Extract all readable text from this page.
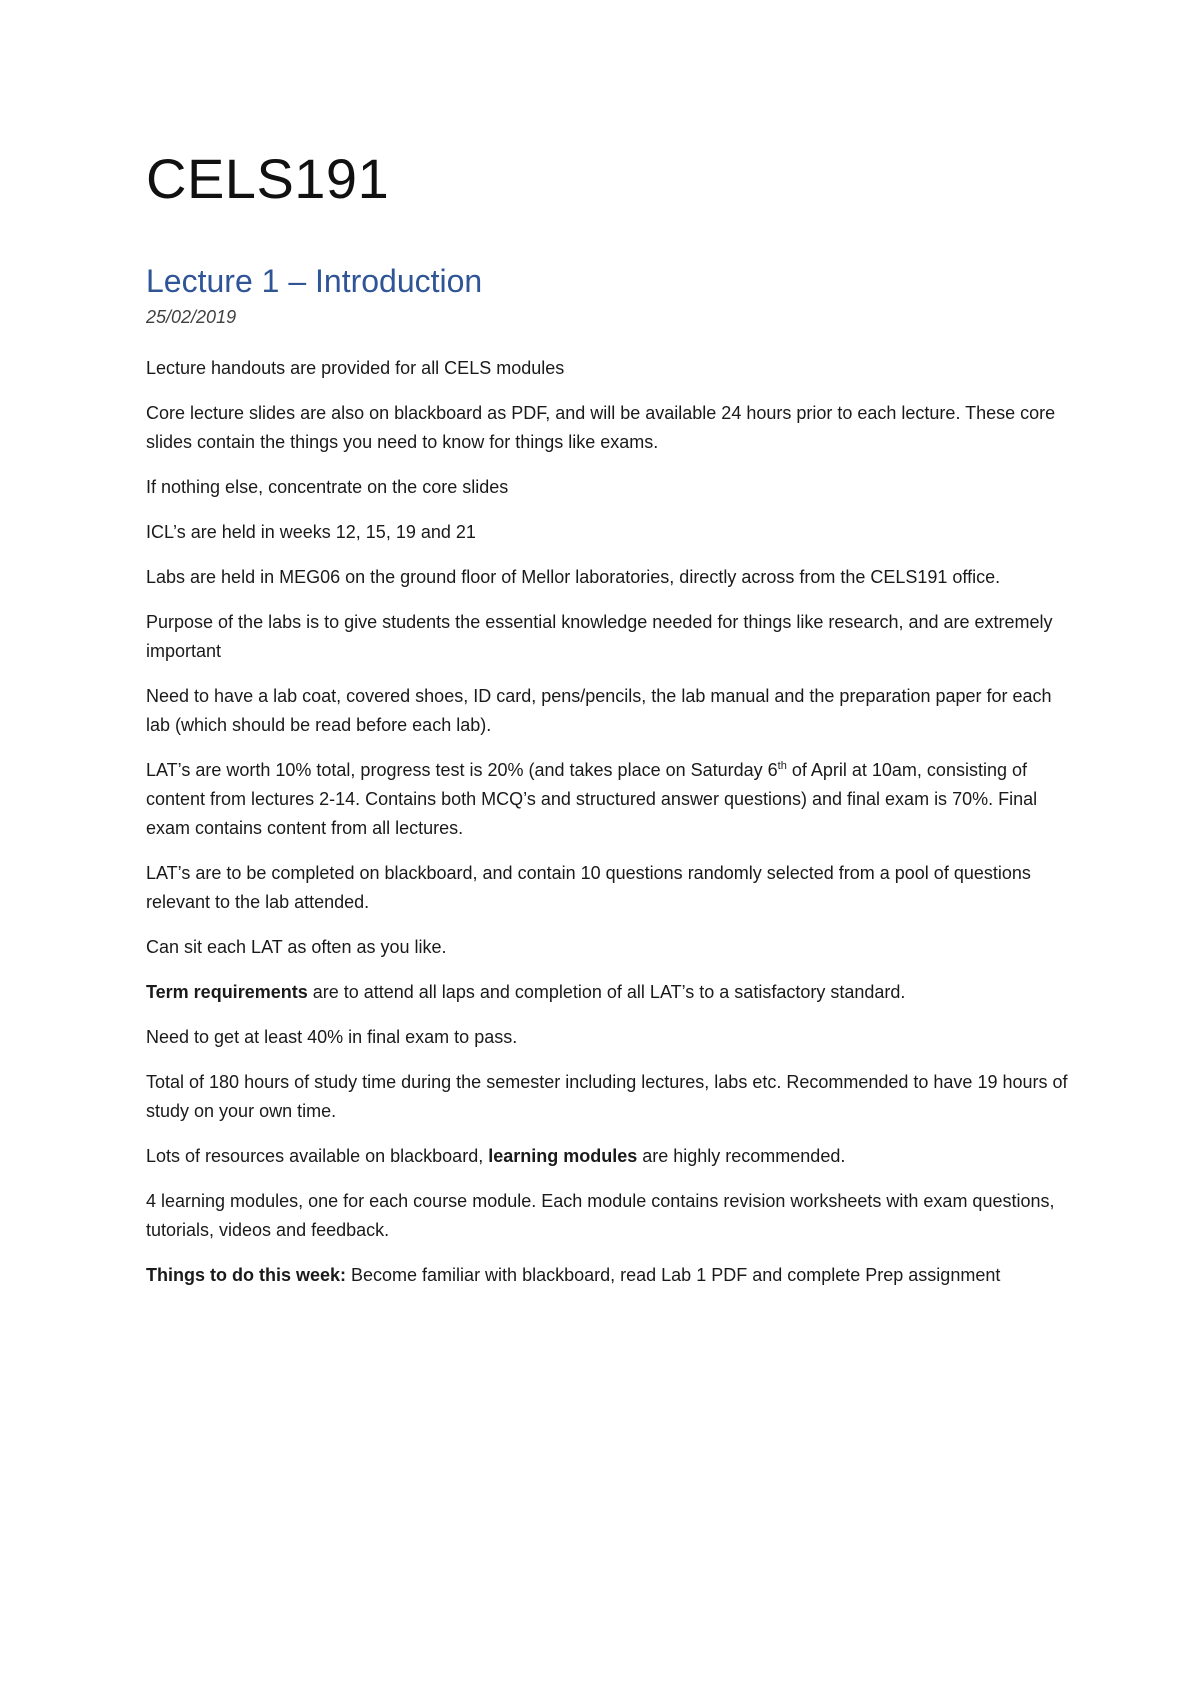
CELS191
Lecture 1 – Introduction
25/02/2019

Lecture handouts are provided for all CELS modules

Core lecture slides are also on blackboard as PDF, and will be available 24 hours prior to each lecture. These core slides contain the things you need to know for things like exams.

If nothing else, concentrate on the core slides

ICL’s are held in weeks 12, 15, 19 and 21

Labs are held in MEG06 on the ground floor of Mellor laboratories, directly across from the CELS191 office.

Purpose of the labs is to give students the essential knowledge needed for things like research, and are extremely important

Need to have a lab coat, covered shoes, ID card, pens/pencils, the lab manual and the preparation paper for each lab (which should be read before each lab).

LAT’s are worth 10% total, progress test is 20% (and takes place on Saturday 6th of April at 10am, consisting of content from lectures 2-14. Contains both MCQ’s and structured answer questions) and final exam is 70%. Final exam contains content from all lectures.

LAT’s are to be completed on blackboard, and contain 10 questions randomly selected from a pool of questions relevant to the lab attended.

Can sit each LAT as often as you like.

Term requirements are to attend all laps and completion of all LAT’s to a satisfactory standard.

Need to get at least 40% in final exam to pass.

Total of 180 hours of study time during the semester including lectures, labs etc. Recommended to have 19 hours of study on your own time.

Lots of resources available on blackboard, learning modules are highly recommended.

4 learning modules, one for each course module. Each module contains revision worksheets with exam questions, tutorials, videos and feedback.

Things to do this week: Become familiar with blackboard, read Lab 1 PDF and complete Prep assignment
